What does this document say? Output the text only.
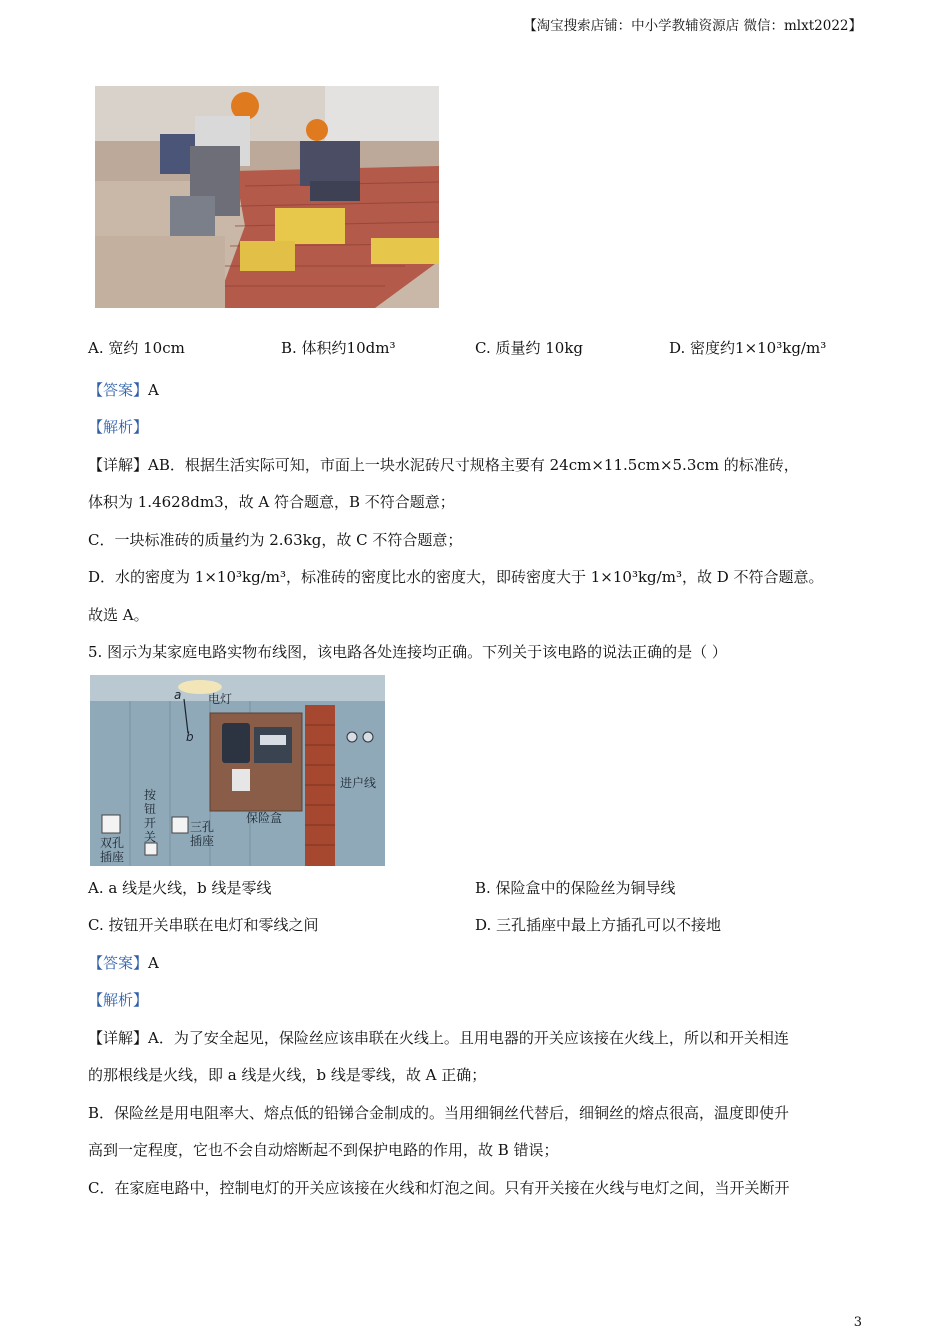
【淘宝搜索店铺：中小学教辅资源店 微信：mlxt2022】
A. 宽约 10cm	B. 体积约10dm³	C. 质量约 10kg	D. 密度约1×10³kg/m³
【答案】A
【解析】
【详解】AB．根据生活实际可知，市面上一块水泥砖尺寸规格主要有 24cm×11.5cm×5.3cm 的标准砖，
体积为 1.4628dm3，故 A 符合题意，B 不符合题意；
C．一块标准砖的质量约为 2.63kg，故 C 不符合题意；
D．水的密度为 1×10³kg/m³，标准砖的密度比水的密度大，即砖密度大于 1×10³kg/m³，故 D 不符合题意。
故选 A。
5. 图示为某家庭电路实物布线图，该电路各处连接均正确。下列关于该电路的说法正确的是（ ）
a
b
电灯
进户线
保险盒
三孔
插座
双孔
插座
按
钮
开
关
A. a 线是火线，b 线是零线	B. 保险盒中的保险丝为铜导线
C. 按钮开关串联在电灯和零线之间	D. 三孔插座中最上方插孔可以不接地
【答案】A
【解析】
【详解】A．为了安全起见，保险丝应该串联在火线上。且用电器的开关应该接在火线上，所以和开关相连
的那根线是火线，即 a 线是火线，b 线是零线，故 A 正确；
B．保险丝是用电阻率大、熔点低的铅锑合金制成的。当用细铜丝代替后，细铜丝的熔点很高，温度即使升
高到一定程度，它也不会自动熔断起不到保护电路的作用，故 B 错误；
C．在家庭电路中，控制电灯的开关应该接在火线和灯泡之间。只有开关接在火线与电灯之间，当开关断开
3
